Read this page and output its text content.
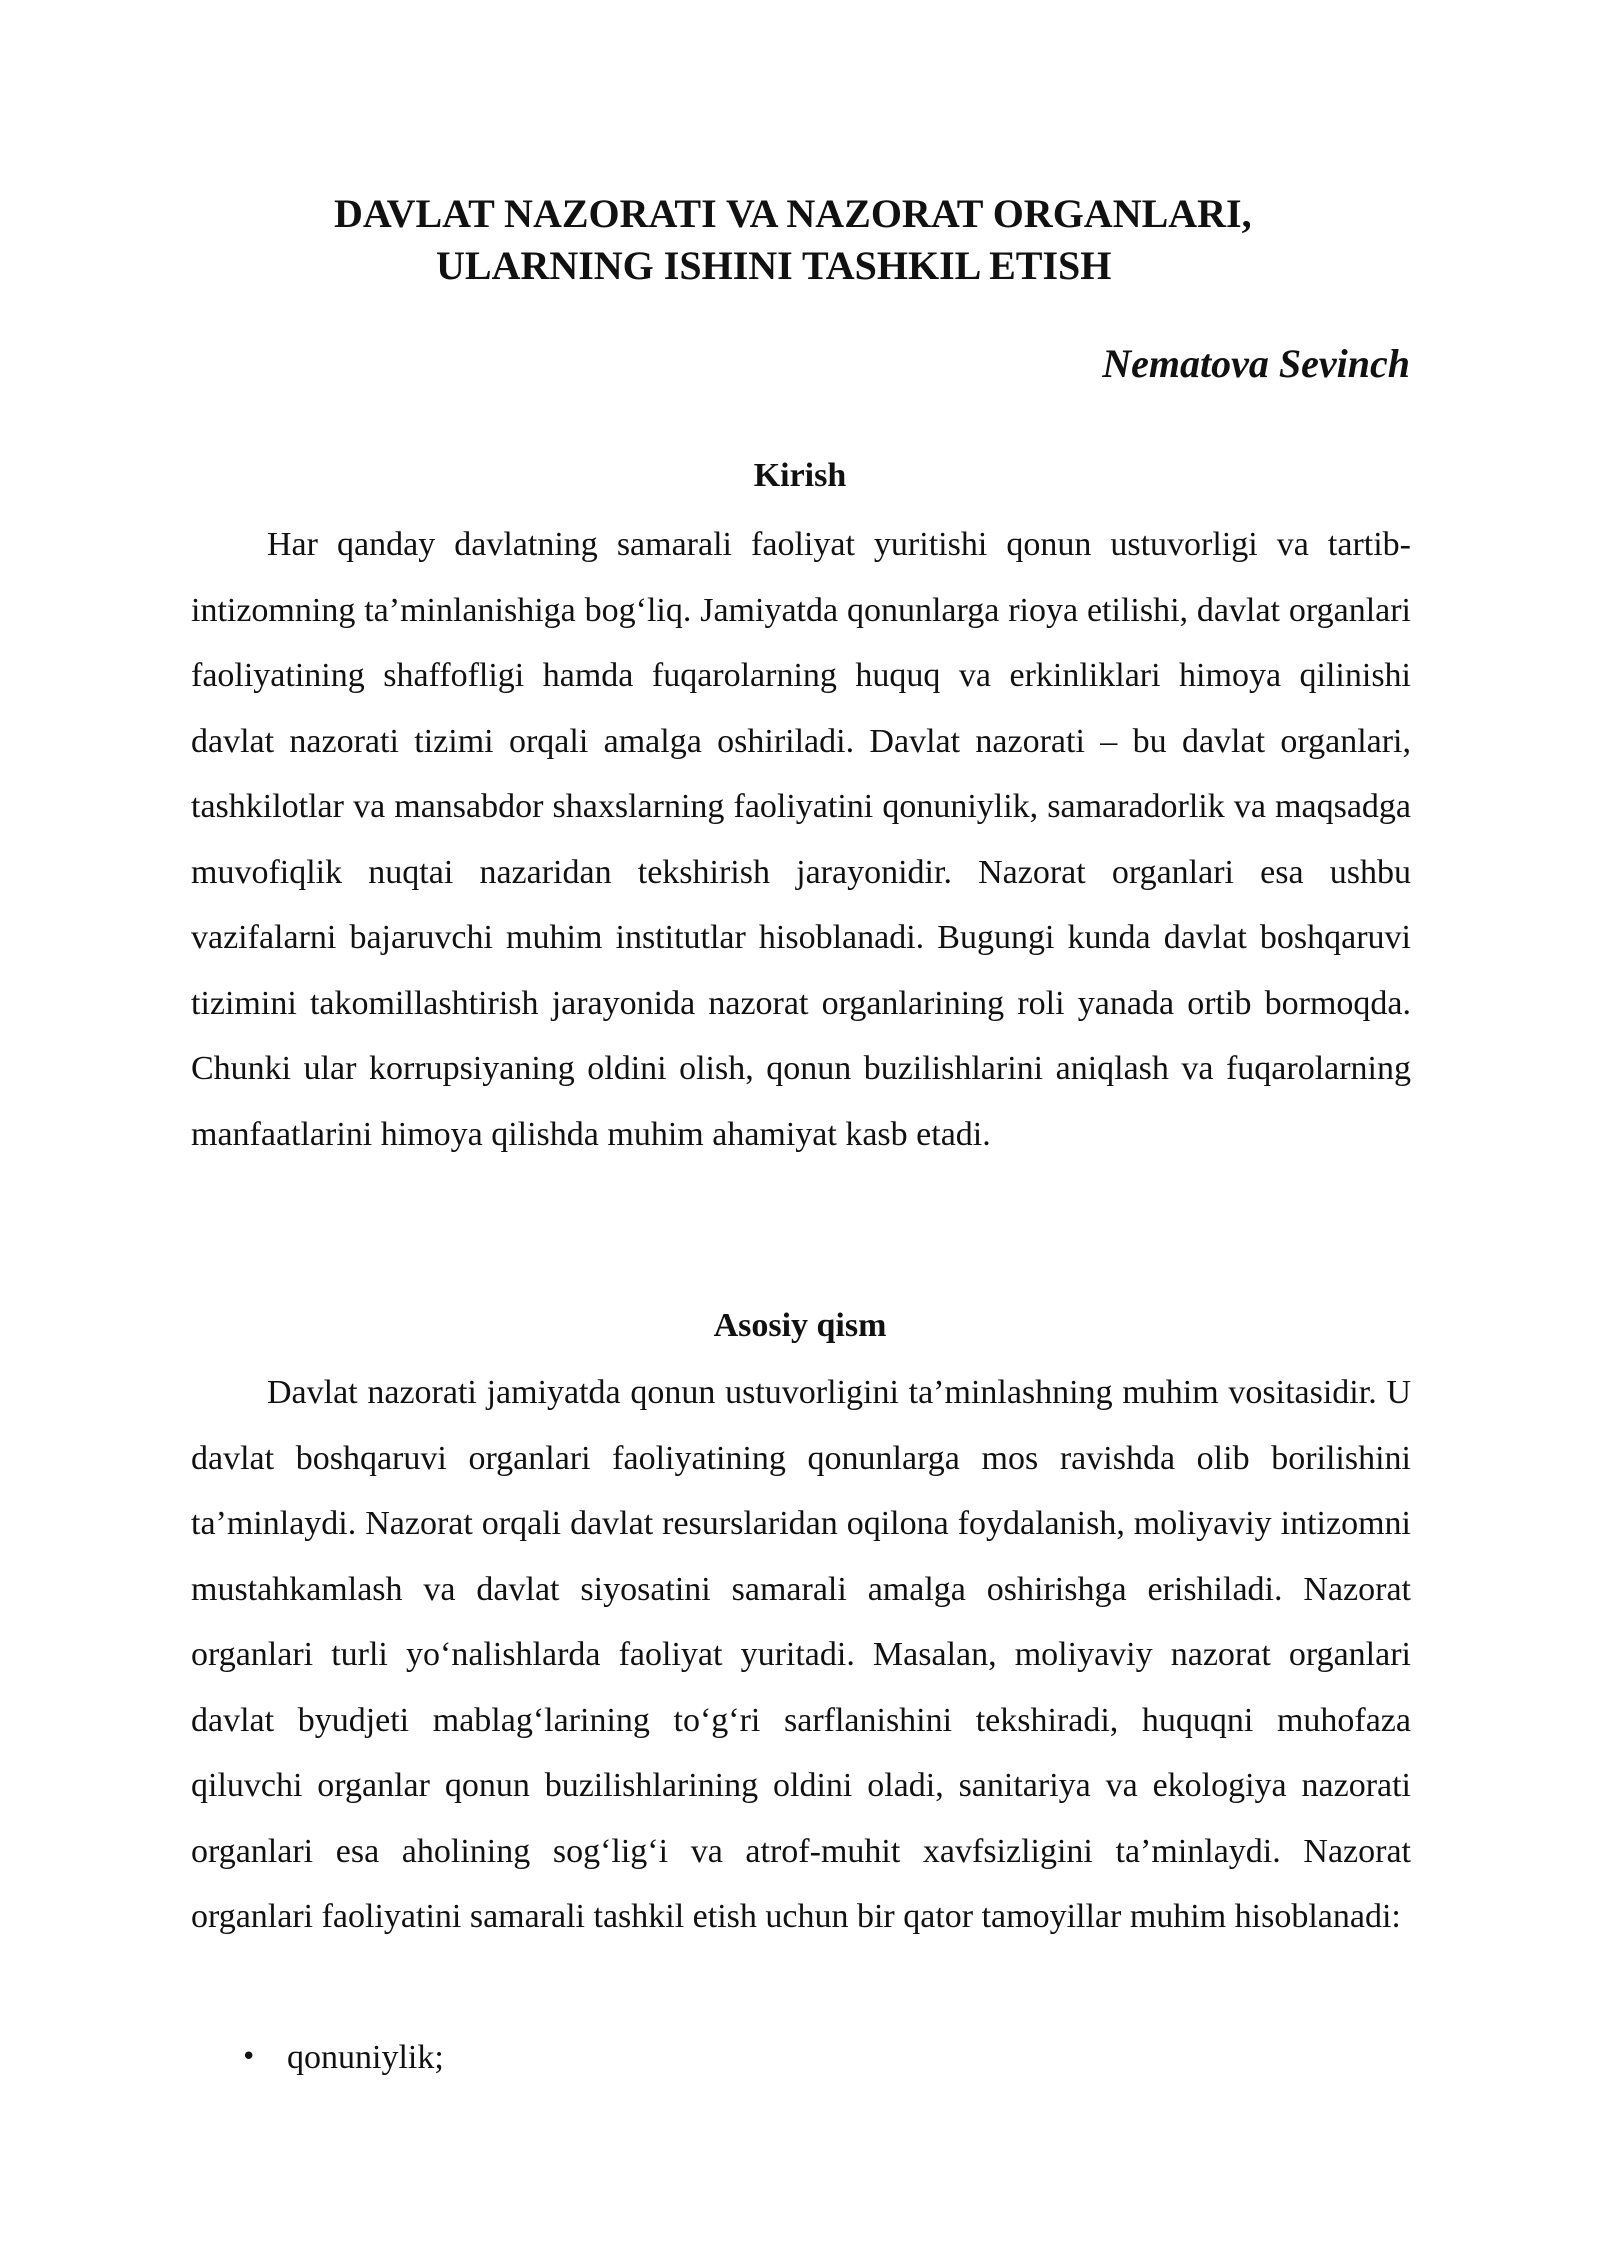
DAVLAT NAZORATI VA NAZORAT ORGANLARI,
ULARNING ISHINI TASHKIL ETISH
Nematova Sevinch
Kirish

Har qanday davlatning samarali faoliyat yuritishi qonun ustuvorligi va tartib-intizomning ta’minlanishiga bog‘liq. Jamiyatda qonunlarga rioya etilishi, davlat organlari faoliyatining shaffofligi hamda fuqarolarning huquq va erkinliklari himoya qilinishi davlat nazorati tizimi orqali amalga oshiriladi. Davlat nazorati – bu davlat organlari, tashkilotlar va mansabdor shaxslarning faoliyatini qonuniylik, samaradorlik va maqsadga muvofiqlik nuqtai nazaridan tekshirish jarayonidir. Nazorat organlari esa ushbu vazifalarni bajaruvchi muhim institutlar hisoblanadi. Bugungi kunda davlat boshqaruvi tizimini takomillashtirish jarayonida nazorat organlarining roli yanada ortib bormoqda. Chunki ular korrupsiyaning oldini olish, qonun buzilishlarini aniqlash va fuqarolarning manfaatlarini himoya qilishda muhim ahamiyat kasb etadi.

Asosiy qism

Davlat nazorati jamiyatda qonun ustuvorligini ta’minlashning muhim vositasidir. U davlat boshqaruvi organlari faoliyatining qonunlarga mos ravishda olib borilishini ta’minlaydi. Nazorat orqali davlat resurslaridan oqilona foydalanish, moliyaviy intizomni mustahkamlash va davlat siyosatini samarali amalga oshirishga erishiladi. Nazorat organlari turli yo‘nalishlarda faoliyat yuritadi. Masalan, moliyaviy nazorat organlari davlat byudjeti mablag‘larining to‘g‘ri sarflanishini tekshiradi, huquqni muhofaza qiluvchi organlar qonun buzilishlarining oldini oladi, sanitariya va ekologiya nazorati organlari esa aholining sog‘lig‘i va atrof-muhit xavfsizligini ta’minlaydi. Nazorat organlari faoliyatini samarali tashkil etish uchun bir qator tamoyillar muhim hisoblanadi:

• qonuniylik;
